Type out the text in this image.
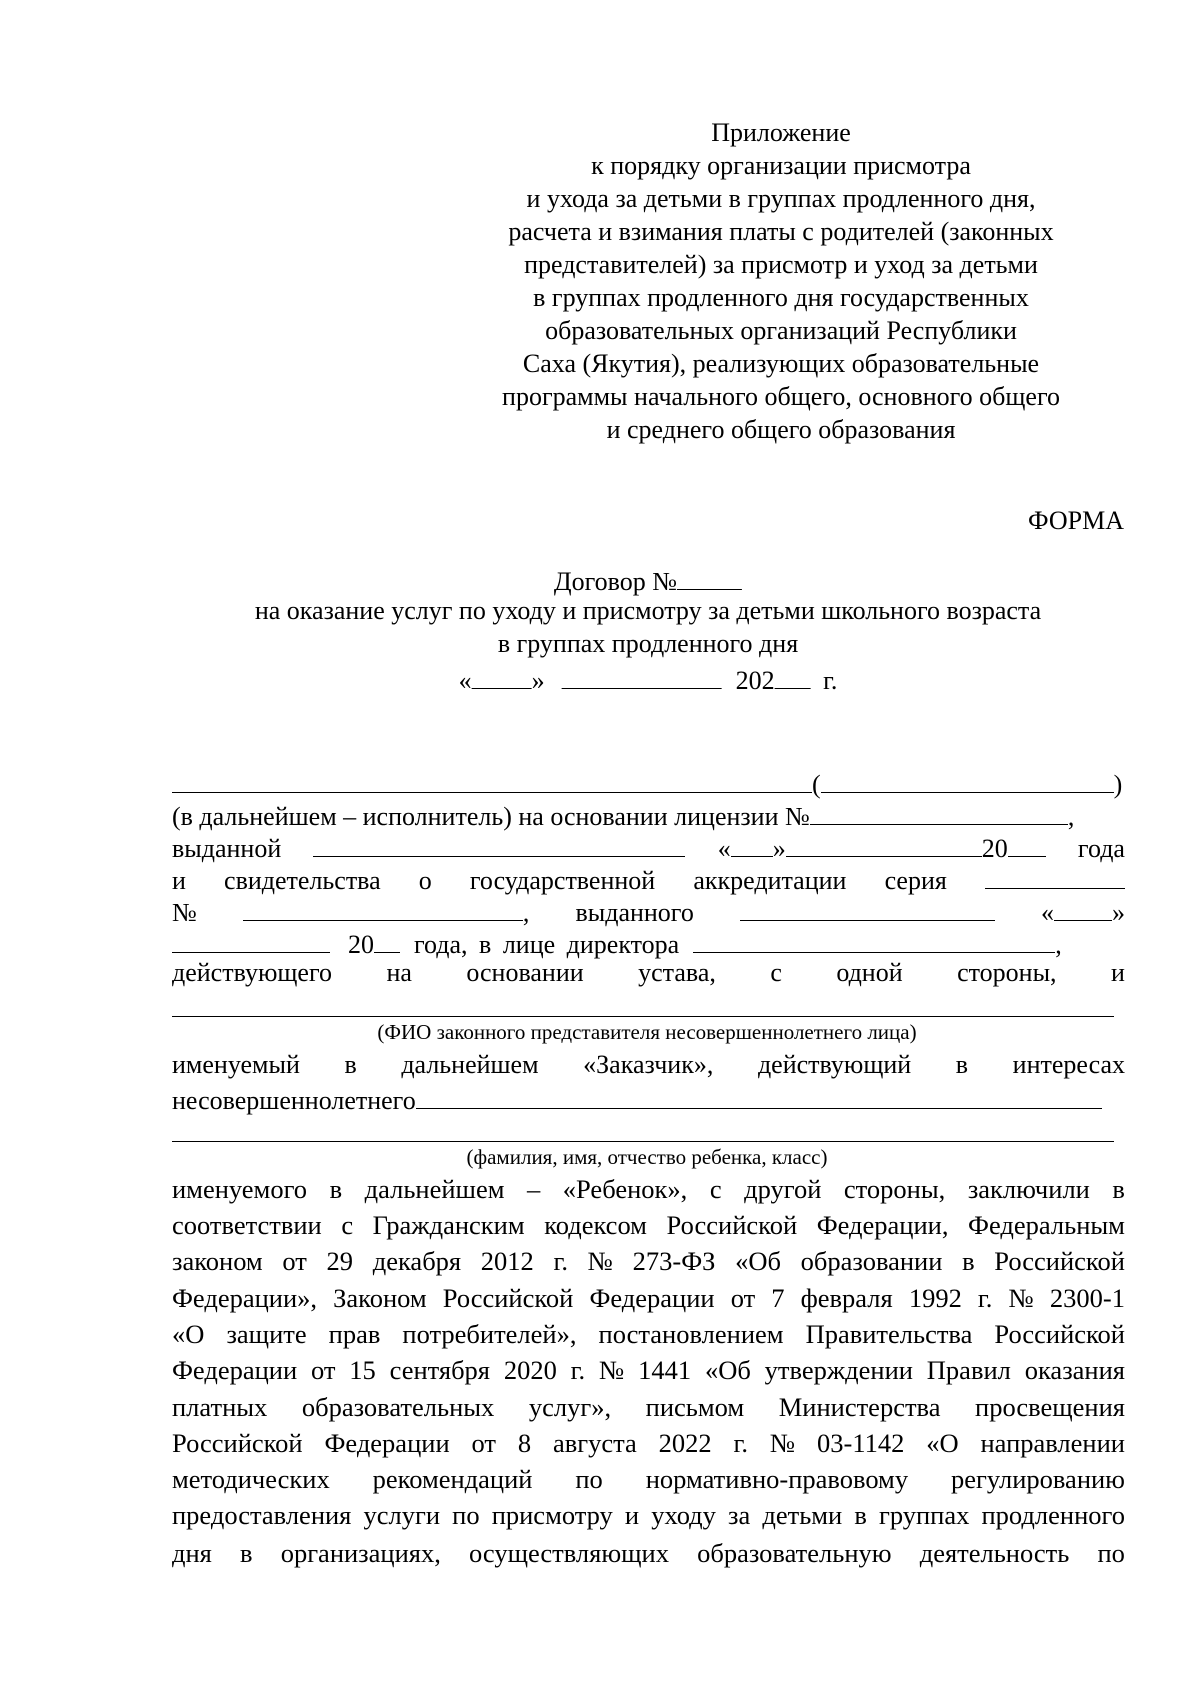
Приложение
к порядку организации присмотра
и ухода за детьми в группах продленного дня,
расчета и взимания платы с родителей (законных
представителей) за присмотр и уход за детьми
в группах продленного дня государственных
образовательных организаций Республики
Саха (Якутия), реализующих образовательные
программы начального общего, основного общего
и среднего общего образования
ФОРМА
Договор №
на оказание услуг по уходу и присмотру за детьми школьного возраста
в группах продленного дня
« »	202 г.
(	)
(в дальнейшем – исполнитель) на основании лицензии №	,
выданной	« »	20	года
и свидетельства о государственной аккредитации серия
№	, выданного	« »
20 года, в лице директора	,
действующего на основании устава, с одной стороны, и
(ФИО законного представителя несовершеннолетнего лица)
именуемый в дальнейшем «Заказчик», действующий в интересах
несовершеннолетнего
(фамилия, имя, отчество ребенка, класс)
именуемого в дальнейшем – «Ребенок», с другой стороны, заключили в
соответствии с Гражданским кодексом Российской Федерации, Федеральным
законом от 29 декабря 2012 г. № 273-ФЗ «Об образовании в Российской
Федерации», Законом Российской Федерации от 7 февраля 1992 г. № 2300-1
«О защите прав потребителей», постановлением Правительства Российской
Федерации от 15 сентября 2020 г. № 1441 «Об утверждении Правил оказания
платных образовательных услуг», письмом Министерства просвещения
Российской Федерации от 8 августа 2022 г. № 03-1142 «О направлении
методических рекомендаций по нормативно-правовому регулированию
предоставления услуги по присмотру и уходу за детьми в группах продленного
дня в организациях, осуществляющих образовательную деятельность по
